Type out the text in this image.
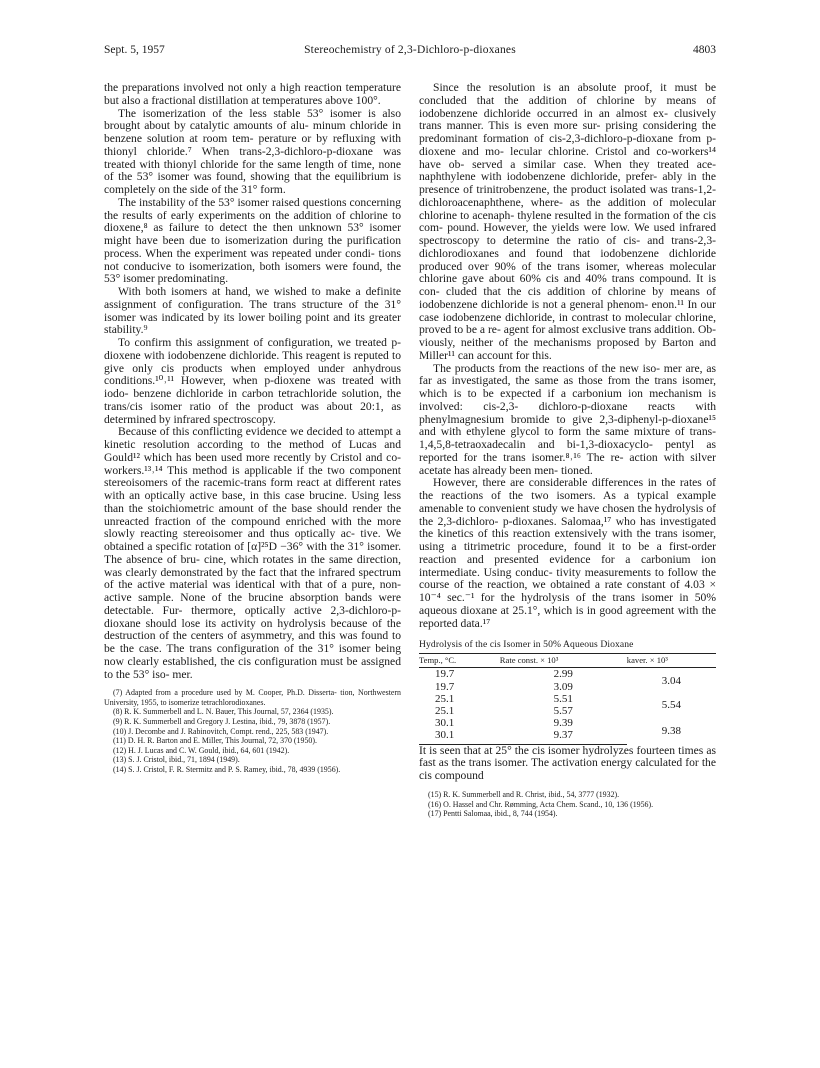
Sept. 5, 1957	Stereochemistry of 2,3-Dichloro-p-dioxanes	4803

the preparations involved not only a high reaction temperature but also a fractional distillation at temperatures above 100°.

The isomerization of the less stable 53° isomer is also brought about by catalytic amounts of alu- minum chloride in benzene solution at room tem- perature or by refluxing with thionyl chloride.⁷ When trans-2,3-dichloro-p-dioxane was treated with thionyl chloride for the same length of time, none of the 53° isomer was found, showing that the equilibrium is completely on the side of the 31° form.

The instability of the 53° isomer raised questions concerning the results of early experiments on the addition of chlorine to dioxene,⁸ as failure to detect the then unknown 53° isomer might have been due to isomerization during the purification process. When the experiment was repeated under condi- tions not conducive to isomerization, both isomers were found, the 53° isomer predominating.

With both isomers at hand, we wished to make a definite assignment of configuration. The trans structure of the 31° isomer was indicated by its lower boiling point and its greater stability.⁹

To confirm this assignment of configuration, we treated p-dioxene with iodobenzene dichloride. This reagent is reputed to give only cis products when employed under anhydrous conditions.¹⁰˒¹¹ However, when p-dioxene was treated with iodo- benzene dichloride in carbon tetrachloride solution, the trans/cis isomer ratio of the product was about 20:1, as determined by infrared spectroscopy.

Because of this conflicting evidence we decided to attempt a kinetic resolution according to the method of Lucas and Gould¹² which has been used more recently by Cristol and co-workers.¹³˒¹⁴ This method is applicable if the two component stereoisomers of the racemic-trans form react at different rates with an optically active base, in this case brucine. Using less than the stoichiometric amount of the base should render the unreacted fraction of the compound enriched with the more slowly reacting stereoisomer and thus optically ac- tive. We obtained a specific rotation of [α]²⁵D −36° with the 31° isomer. The absence of bru- cine, which rotates in the same direction, was clearly demonstrated by the fact that the infrared spectrum of the active material was identical with that of a pure, non-active sample. None of the brucine absorption bands were detectable. Fur- thermore, optically active 2,3-dichloro-p-dioxane should lose its activity on hydrolysis because of the destruction of the centers of asymmetry, and this was found to be the case. The trans configuration of the 31° isomer being now clearly established, the cis configuration must be assigned to the 53° iso- mer.

(7) Adapted from a procedure used by M. Cooper, Ph.D. Disserta- tion, Northwestern University, 1955, to isomerize tetrachlorodioxanes.
(8) R. K. Summerbell and L. N. Bauer, This Journal, 57, 2364 (1935).
(9) R. K. Summerbell and Gregory J. Lestina, ibid., 79, 3878 (1957).
(10) J. Decombe and J. Rabinovitch, Compt. rend., 225, 583 (1947).
(11) D. H. R. Barton and E. Miller, This Journal, 72, 370 (1950).
(12) H. J. Lucas and C. W. Gould, ibid., 64, 601 (1942).
(13) S. J. Cristol, ibid., 71, 1894 (1949).
(14) S. J. Cristol, F. R. Stermitz and P. S. Ramey, ibid., 78, 4939 (1956).

Since the resolution is an absolute proof, it must be concluded that the addition of chlorine by means of iodobenzene dichloride occurred in an almost ex- clusively trans manner. This is even more sur- prising considering the predominant formation of cis-2,3-dichloro-p-dioxane from p-dioxene and mo- lecular chlorine. Cristol and co-workers¹⁴ have ob- served a similar case. When they treated ace- naphthylene with iodobenzene dichloride, prefer- ably in the presence of trinitrobenzene, the product isolated was trans-1,2-dichloroacenaphthene, where- as the addition of molecular chlorine to acenaph- thylene resulted in the formation of the cis com- pound. However, the yields were low. We used infrared spectroscopy to determine the ratio of cis- and trans-2,3-dichlorodioxanes and found that iodobenzene dichloride produced over 90% of the trans isomer, whereas molecular chlorine gave about 60% cis and 40% trans compound. It is con- cluded that the cis addition of chlorine by means of iodobenzene dichloride is not a general phenom- enon.¹¹ In our case iodobenzene dichloride, in contrast to molecular chlorine, proved to be a re- agent for almost exclusive trans addition. Ob- viously, neither of the mechanisms proposed by Barton and Miller¹¹ can account for this.

The products from the reactions of the new iso- mer are, as far as investigated, the same as those from the trans isomer, which is to be expected if a carbonium ion mechanism is involved: cis-2,3- dichloro-p-dioxane reacts with phenylmagnesium bromide to give 2,3-diphenyl-p-dioxane¹⁵ and with ethylene glycol to form the same mixture of trans-1,4,5,8-tetraoxadecalin and bi-1,3-dioxacyclo- pentyl as reported for the trans isomer.⁸˒¹⁶ The re- action with silver acetate has already been men- tioned.

However, there are considerable differences in the rates of the reactions of the two isomers. As a typical example amenable to convenient study we have chosen the hydrolysis of the 2,3-dichloro- p-dioxanes. Salomaa,¹⁷ who has investigated the kinetics of this reaction extensively with the trans isomer, using a titrimetric procedure, found it to be a first-order reaction and presented evidence for a carbonium ion intermediate. Using conduc- tivity measurements to follow the course of the reaction, we obtained a rate constant of 4.03 × 10⁻⁴ sec.⁻¹ for the hydrolysis of the trans isomer in 50% aqueous dioxane at 25.1°, which is in good agreement with the reported data.¹⁷

Hydrolysis of the cis Isomer in 50% Aqueous Dioxane
Temp., °C.	Rate const. × 10³	kaver. × 10³
19.7	2.99	3.04
19.7	3.09	
25.1	5.51	5.54
25.1	5.57	
30.1	9.39	9.38
30.1	9.37	

It is seen that at 25° the cis isomer hydrolyzes fourteen times as fast as the trans isomer. The activation energy calculated for the cis compound

(15) R. K. Summerbell and R. Christ, ibid., 54, 3777 (1932).
(16) O. Hassel and Chr. Rømming, Acta Chem. Scand., 10, 136 (1956).
(17) Pentti Salomaa, ibid., 8, 744 (1954).
